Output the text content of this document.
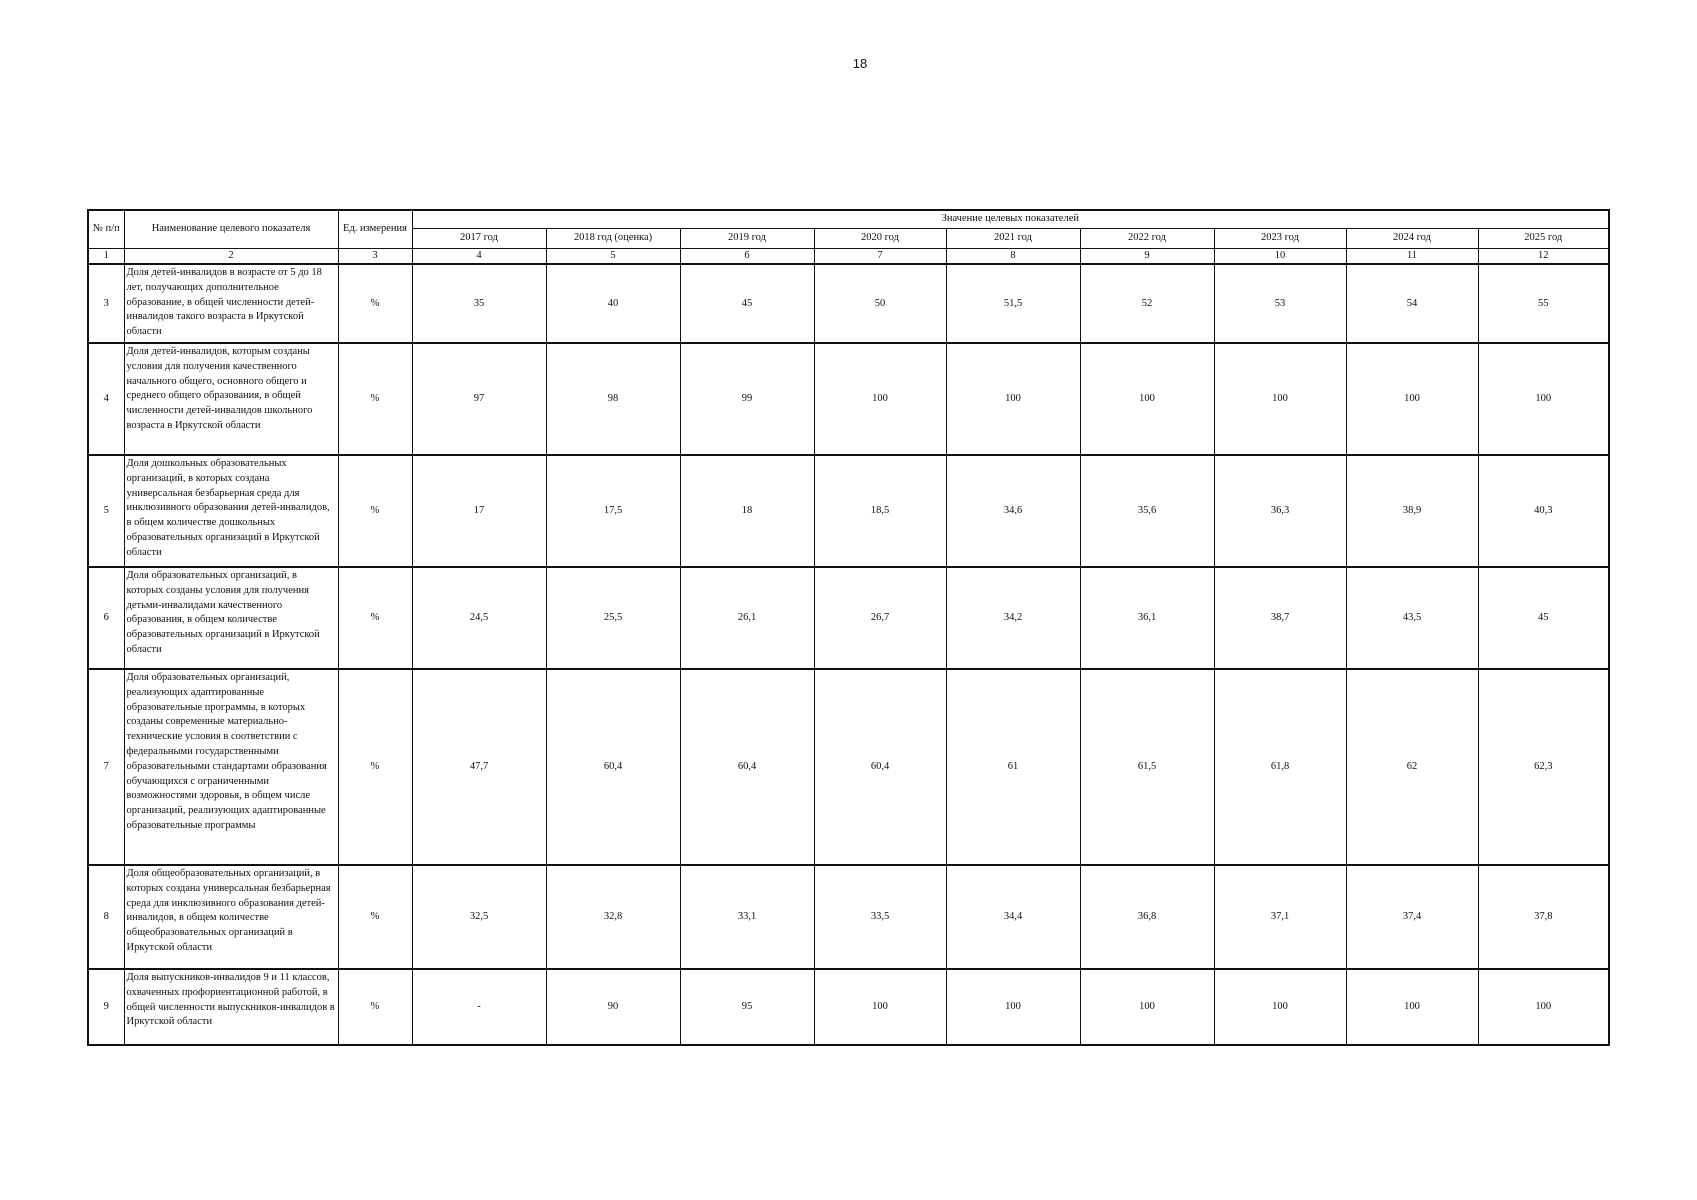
18
№ п/п	Наименование целевого показателя	Ед. измерения	Значение целевых показателей								
			2017 год	2018 год (оценка)	2019 год	2020 год	2021 год	2022 год	2023 год	2024 год	2025 год
1	2	3	4	5	6	7	8	9	10	11	12
3	Доля детей-инвалидов в возрасте от 5 до 18 лет, получающих дополнительное образование, в общей численности детей-инвалидов такого возраста в Иркутской области	%	35	40	45	50	51,5	52	53	54	55
4	Доля детей-инвалидов, которым созданы условия для получения качественного начального общего, основного общего и среднего общего образования, в общей численности детей-инвалидов школьного возраста в Иркутской области	%	97	98	99	100	100	100	100	100	100
5	Доля дошкольных образовательных организаций, в которых создана универсальная безбарьерная среда для инклюзивного образования детей-инвалидов, в общем количестве дошкольных образовательных организаций в Иркутской области	%	17	17,5	18	18,5	34,6	35,6	36,3	38,9	40,3
6	Доля образовательных организаций, в которых созданы условия для получения детьми-инвалидами качественного образования, в общем количестве образовательных организаций в Иркутской области	%	24,5	25,5	26,1	26,7	34,2	36,1	38,7	43,5	45
7	Доля образовательных организаций, реализующих адаптированные образовательные программы, в которых созданы современные материально-технические условия в соответствии с федеральными государственными образовательными стандартами образования обучающихся с ограниченными возможностями здоровья, в общем числе организаций, реализующих адаптированные образовательные программы	%	47,7	60,4	60,4	60,4	61	61,5	61,8	62	62,3
8	Доля общеобразовательных организаций, в которых создана универсальная безбарьерная среда для инклюзивного образования детей-инвалидов, в общем количестве общеобразовательных организаций в Иркутской области	%	32,5	32,8	33,1	33,5	34,4	36,8	37,1	37,4	37,8
9	Доля выпускников-инвалидов 9 и 11 классов, охваченных профориентационной работой, в общей численности выпускников-инвалидов в Иркутской области	%	-	90	95	100	100	100	100	100	100
